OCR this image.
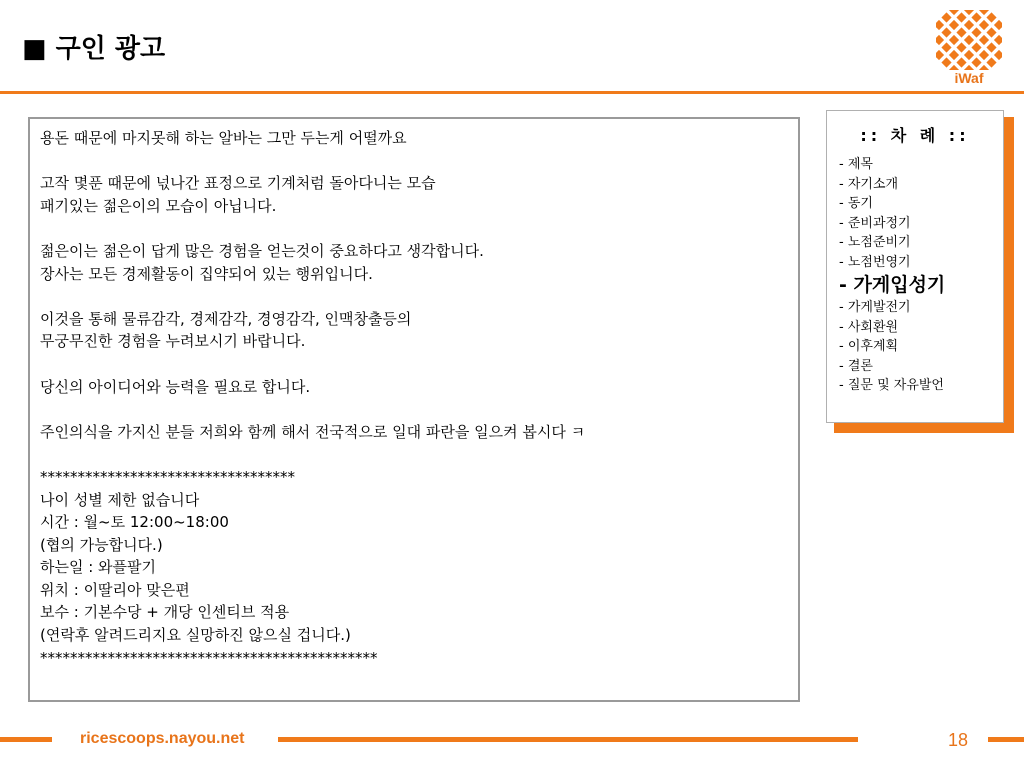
■ 구인 광고
iWaf
용돈 때문에 마지못해 하는 알바는 그만 두는게 어떨까요
고작 몇푼 때문에 넋나간 표정으로 기계처럼 돌아다니는 모습
패기있는 젊은이의 모습이 아닙니다.
젊은이는 젊은이 답게 많은 경험을 얻는것이 중요하다고 생각합니다.
장사는 모든 경제활동이 집약되어 있는 행위입니다.
이것을 통해 물류감각, 경제감각, 경영감각, 인맥창출등의
무궁무진한 경험을 누려보시기 바랍니다.
당신의 아이디어와 능력을 필요로 합니다.
주인의식을 가지신 분들 저희와 함께 해서 전국적으로 일대 파란을 일으켜 봅시다 ㅋ
**********************************
나이 성별 제한 없습니다
시간 : 월~토 12:00~18:00
(협의 가능합니다.)
하는일 : 와플팔기
위치 : 이딸리아 맞은편
보수 : 기본수당 + 개당 인센티브 적용
(연락후 알려드리지요 실망하진 않으실 겁니다.)
*********************************************
:: 차 례 ::
- 제목
- 자기소개
- 동기
- 준비과정기
- 노점준비기
- 노점번영기
- 가게입성기
- 가게발전기
- 사회환원
- 이후계획
- 결론
- 질문 및 자유발언
ricescoops.nayou.net	18
